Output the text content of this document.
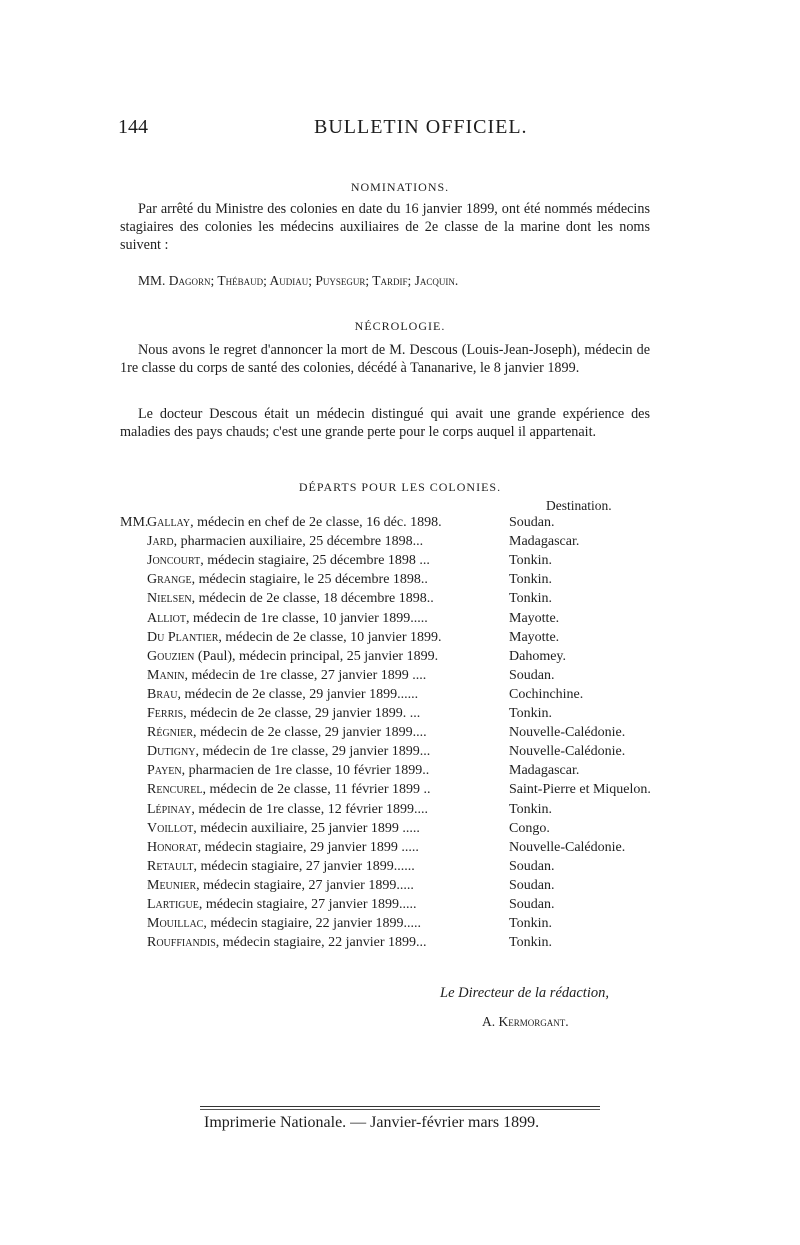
144	BULLETIN OFFICIEL.
NOMINATIONS.
Par arrêté du Ministre des colonies en date du 16 janvier 1899, ont été nommés médecins stagiaires des colonies les médecins auxiliaires de 2e classe de la marine dont les noms suivent :
MM. Dagorn; Thébaud; Audiau; Puysegur; Tardif; Jacquin.
NÉCROLOGIE.
Nous avons le regret d'annoncer la mort de M. Descous (Louis-Jean-Joseph), médecin de 1re classe du corps de santé des colonies, décédé à Tananarive, le 8 janvier 1899.
Le docteur Descous était un médecin distingué qui avait une grande expérience des maladies des pays chauds; c'est une grande perte pour le corps auquel il appartenait.
DÉPARTS POUR LES COLONIES.
Destination.
MM.
Gallay, médecin en chef de 2e classe, 16 déc. 1898.	Soudan.
Jard, pharmacien auxiliaire, 25 décembre 1898...	Madagascar.
Joncourt, médecin stagiaire, 25 décembre 1898 ...	Tonkin.
Grange, médecin stagiaire, le 25 décembre 1898..	Tonkin.
Nielsen, médecin de 2e classe, 18 décembre 1898..	Tonkin.
Alliot, médecin de 1re classe, 10 janvier 1899.....	Mayotte.
Du Plantier, médecin de 2e classe, 10 janvier 1899.	Mayotte.
Gouzien (Paul), médecin principal, 25 janvier 1899.	Dahomey.
Manin, médecin de 1re classe, 27 janvier 1899 ....	Soudan.
Brau, médecin de 2e classe, 29 janvier 1899......	Cochinchine.
Ferris, médecin de 2e classe, 29 janvier 1899. ...	Tonkin.
Régnier, médecin de 2e classe, 29 janvier 1899....	Nouvelle-Calédonie.
Dutigny, médecin de 1re classe, 29 janvier 1899...	Nouvelle-Calédonie.
Payen, pharmacien de 1re classe, 10 février 1899..	Madagascar.
Rencurel, médecin de 2e classe, 11 février 1899 ..	Saint-Pierre et Miquelon.
Lépinay, médecin de 1re classe, 12 février 1899....	Tonkin.
Voillot, médecin auxiliaire, 25 janvier 1899 .....	Congo.
Honorat, médecin stagiaire, 29 janvier 1899 .....	Nouvelle-Calédonie.
Retault, médecin stagiaire, 27 janvier 1899......	Soudan.
Meunier, médecin stagiaire, 27 janvier 1899.....	Soudan.
Lartigue, médecin stagiaire, 27 janvier 1899.....	Soudan.
Mouillac, médecin stagiaire, 22 janvier 1899.....	Tonkin.
Rouffiandis, médecin stagiaire, 22 janvier 1899...	Tonkin.
Le Directeur de la rédaction,
A. Kermorgant.
Imprimerie Nationale. — Janvier-février mars 1899.
